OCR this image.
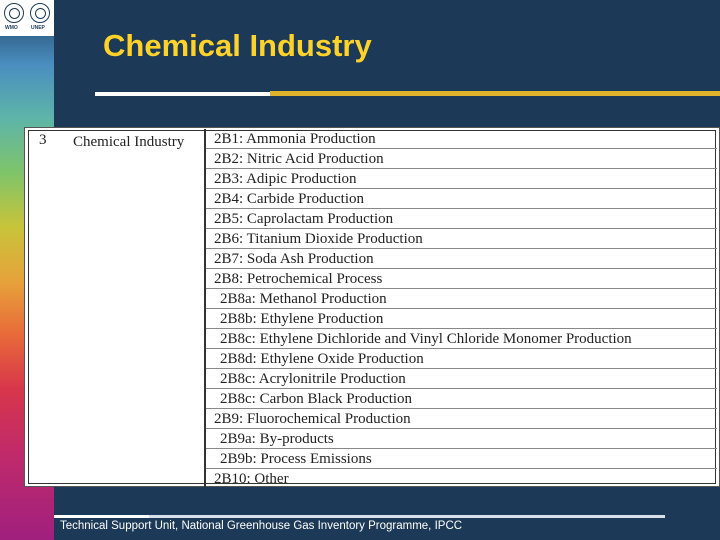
WMO	UNEP Chemical Industry
3 Chemical Industry	2B1: Ammonia Production
2B2: Nitric Acid Production
2B3: Adipic Production
2B4: Carbide Production
2B5: Caprolactam Production
2B6: Titanium Dioxide Production
2B7: Soda Ash Production
2B8: Petrochemical Process
2B8a: Methanol Production
2B8b: Ethylene Production
2B8c: Ethylene Dichloride and Vinyl Chloride Monomer Production
2B8d: Ethylene Oxide Production
2B8c: Acrylonitrile Production
2B8c: Carbon Black Production
2B9: Fluorochemical Production
2B9a: By-products
2B9b: Process Emissions
2B10: Other
Technical Support Unit, National Greenhouse Gas Inventory Programme, IPCC
